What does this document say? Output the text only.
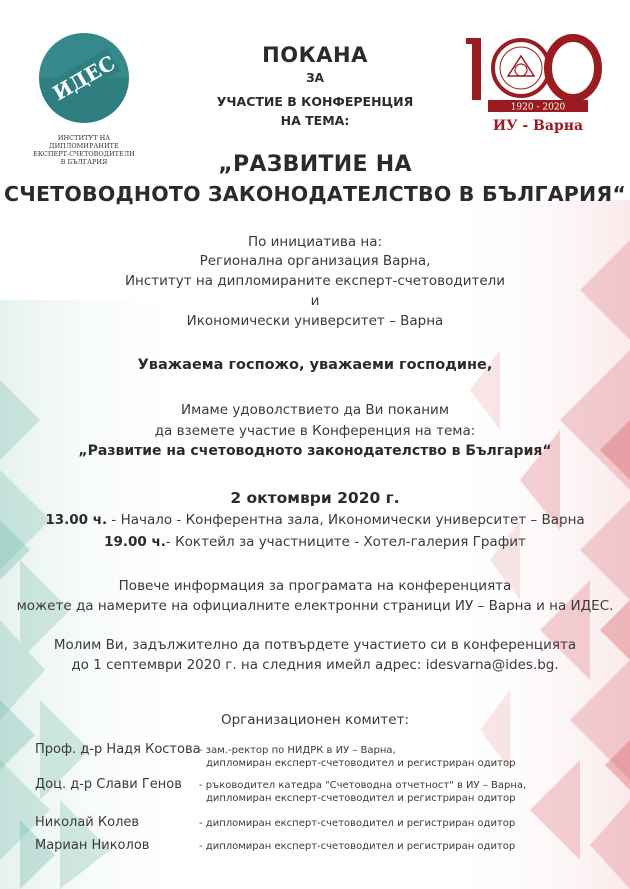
ИДЕС
ИНСТИТУТ НА ДИПЛОМИРАНИТЕ
ЕКСПЕРТ-СЧЕТОВОДИТЕЛИ
В БЪЛГАРИЯ
1920 - 2020
ИУ - Варна
ПОКАНА
ЗА
УЧАСТИЕ В КОНФЕРЕНЦИЯ
НА ТЕМА:
„РАЗВИТИЕ НА
СЧЕТОВОДНОТО ЗАКОНОДАТЕЛСТВО В БЪЛГАРИЯ“
По инициатива на:
Регионална организация Варна,
Институт на дипломираните експерт-счетоводители
и
Икономически университет – Варна
Уважаема госпожо, уважаеми господине,
Имаме удоволствието да Ви поканим
да вземете участие в Конференция на тема:
„Развитие на счетоводното законодателство в България“
2 октомври 2020 г.
13.00 ч. - Начало - Конферентна зала, Икономически университет – Варна
19.00 ч.- Коктейл за участниците - Хотел-галерия Графит
Повече информация за програмата на конференцията
можете да намерите на официалните електронни страници ИУ – Варна и на ИДЕС.
Молим Ви, задължително да потвърдете участието си в конференцията
до 1 септември 2020 г. на следния имейл адрес: idesvarna@ides.bg.
Организационен комитет:
Проф. д-р Надя Костова
- зам.-ректор по НИДРК в ИУ – Варна,
дипломиран експерт-счетоводител и регистриран одитор
Доц. д-р Слави Генов - ръководител катедра "Счетоводна отчетност" в ИУ – Варна,
дипломиран експерт-счетоводител и регистриран одитор
Николай Колев	- дипломиран експерт-счетоводител и регистриран одитор
Мариан Николов	- дипломиран експерт-счетоводител и регистриран одитор
